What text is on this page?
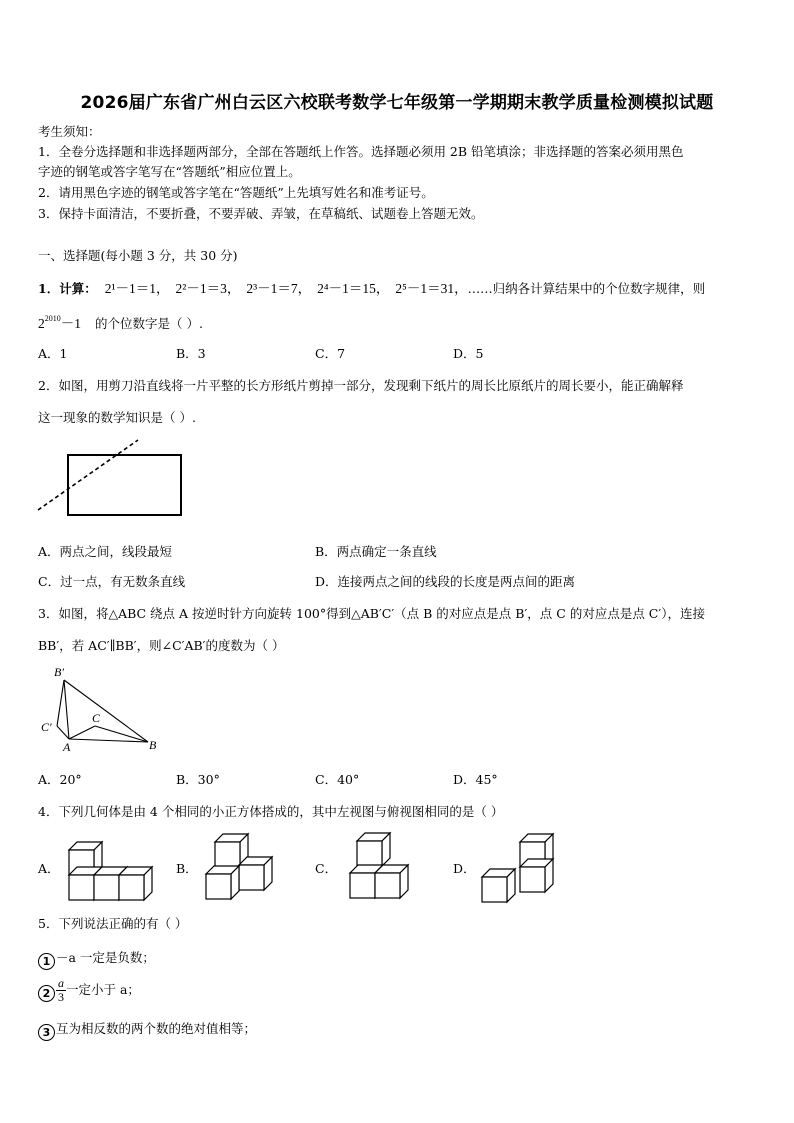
2026届广东省广州白云区六校联考数学七年级第一学期期末教学质量检测模拟试题
考生须知：
1．全卷分选择题和非选择题两部分，全部在答题纸上作答。选择题必须用 2B 铅笔填涂；非选择题的答案必须用黑色
字迹的钢笔或答字笔写在“答题纸”相应位置上。
2．请用黑色字迹的钢笔或答字笔在“答题纸”上先填写姓名和准考证号。
3．保持卡面清洁，不要折叠，不要弄破、弄皱，在草稿纸、试题卷上答题无效。
一、选择题(每小题 3 分，共 30 分)
1．计算： 2¹－1＝1， 2²－1＝3， 2³－1＝7， 2⁴－1＝15， 2⁵－1＝31，……归纳各计算结果中的个位数字规律，则
$2^{2010}-1$ 的个位数字是（ ）.
A．1	B．3	C．7	D．5
2．如图，用剪刀沿直线将一片平整的长方形纸片剪掉一部分，发现剩下纸片的周长比原纸片的周长要小，能正确解释
这一现象的数学知识是（ ）.
A．两点之间，线段最短	B．两点确定一条直线
C．过一点，有无数条直线	D．连接两点之间的线段的长度是两点间的距离
3．如图，将△ABC 绕点 A 按逆时针方向旋转 100°得到△AB′C′（点 B 的对应点是点 B′，点 C 的对应点是点 C′），连接
BB′，若 AC′∥BB′，则∠C′AB′的度数为（ ）
B′
C′
C
A	B
A．20°	B．30°	C．40°	D．45°
4．下列几何体是由 4 个相同的小正方体搭成的，其中左视图与俯视图相同的是（ ）
A．	B．	C．	D．
5．下列说法正确的有（ ）
1 －a 一定是负数；
$2 \frac{a}{3}$ 一定小于 a；
3 互为相反数的两个数的绝对值相等；
